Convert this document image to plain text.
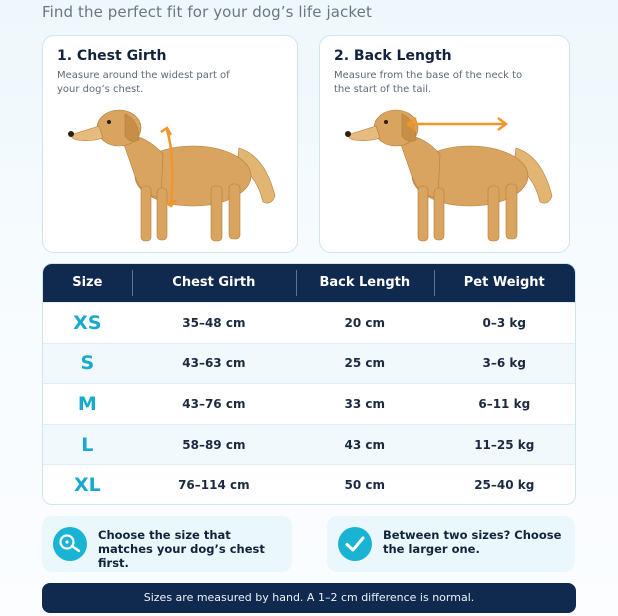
Find the perfect fit for your dog’s life jacket
1. Chest Girth
Measure around the widest part of your dog’s chest.
2. Back Length
Measure from the base of the neck to the start of the tail.
Size	Chest Girth	Back Length	Pet Weight
XS	35–48 cm	20 cm	0–3 kg
S	43–63 cm	25 cm	3–6 kg
M	43–76 cm	33 cm	6–11 kg
L	58–89 cm	43 cm	11–25 kg
XL	76–114 cm	50 cm	25–40 kg
Choose the size that matches your dog’s chest first.
Between two sizes? Choose the larger one.
Sizes are measured by hand. A 1–2 cm difference is normal.
